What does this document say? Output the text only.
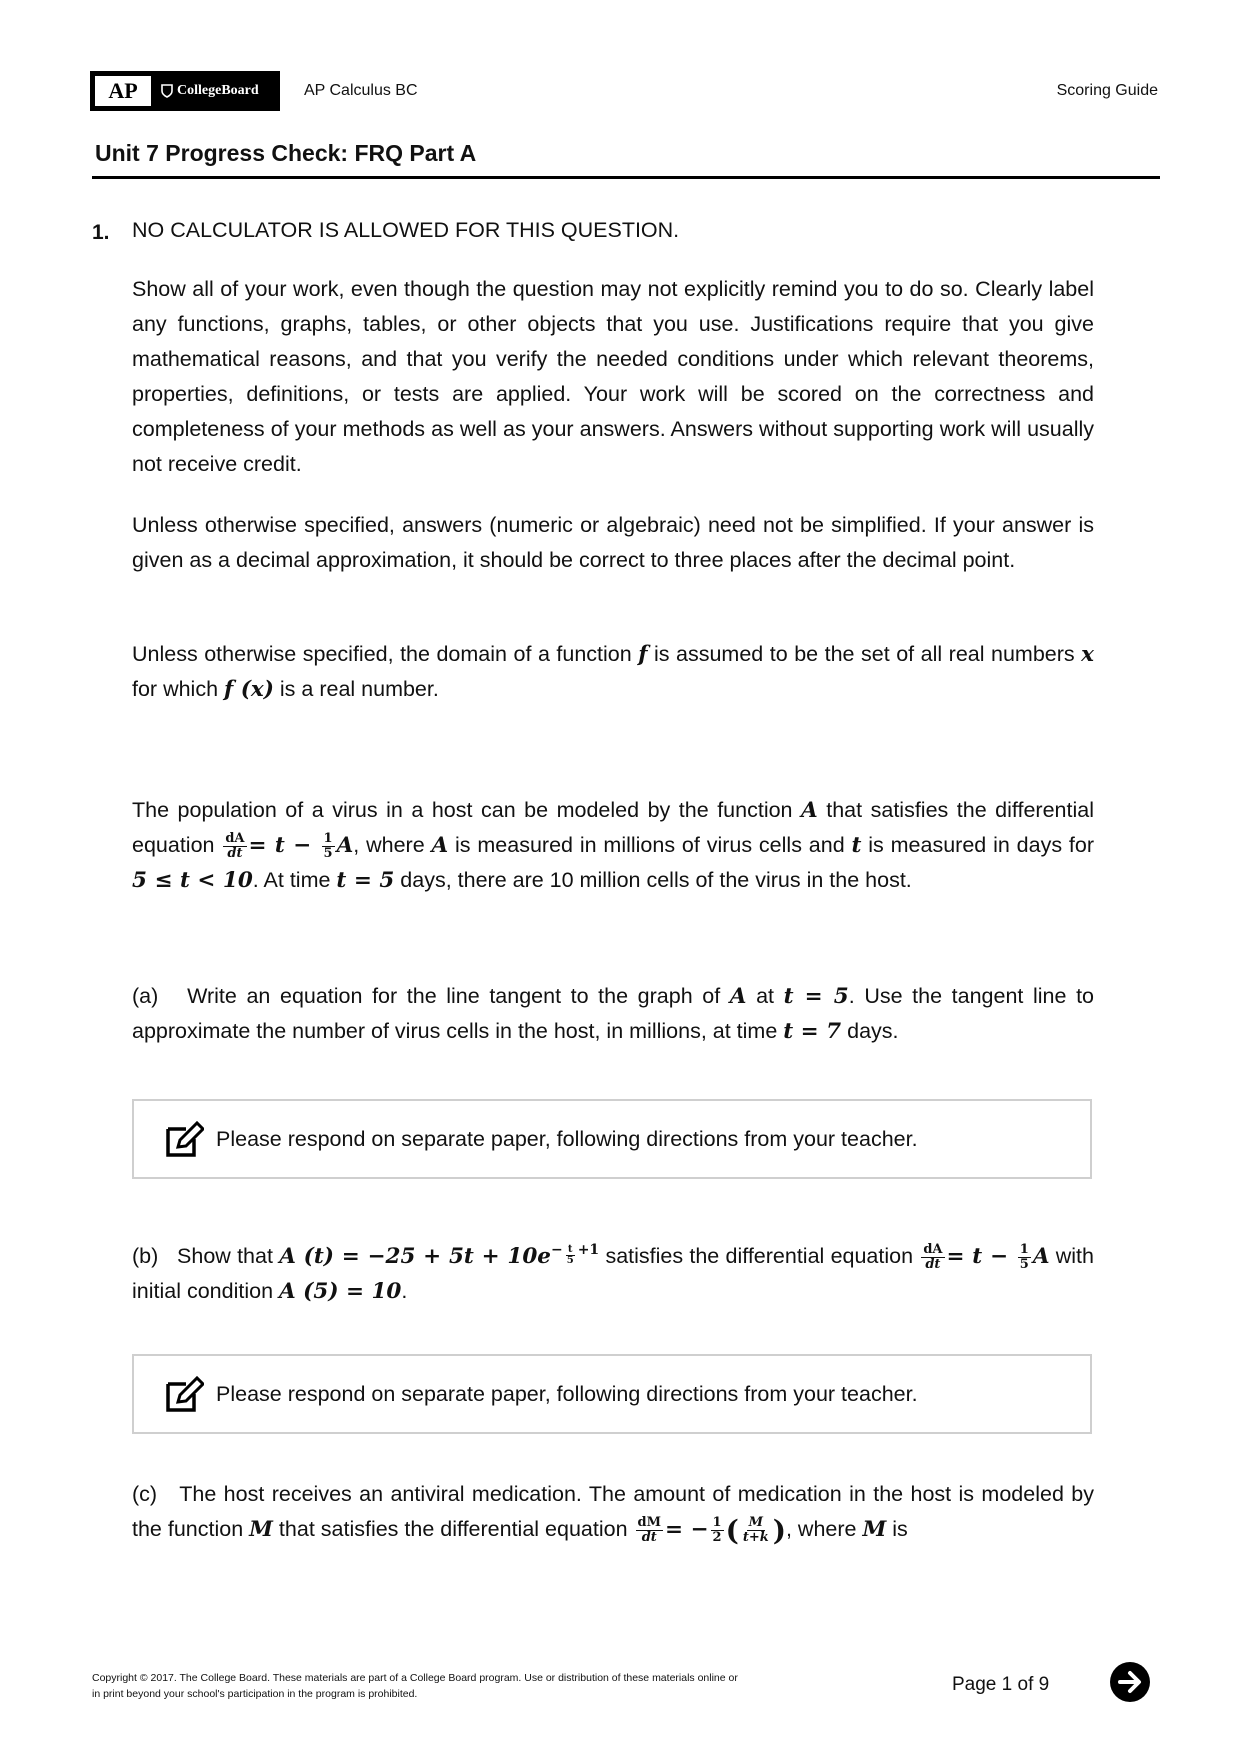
AP	CollegeBoard	AP Calculus BC	Scoring Guide
Unit 7 Progress Check: FRQ Part A
1. NO CALCULATOR IS ALLOWED FOR THIS QUESTION.
Show all of your work, even though the question may not explicitly remind you to do so. Clearly label any functions, graphs, tables, or other objects that you use. Justifications require that you give mathematical reasons, and that you verify the needed conditions under which relevant theorems, properties, definitions, or tests are applied. Your work will be scored on the correctness and completeness of your methods as well as your answers. Answers without supporting work will usually not receive credit.
Unless otherwise specified, answers (numeric or algebraic) need not be simplified. If your answer is given as a decimal approximation, it should be correct to three places after the decimal point.
Unless otherwise specified, the domain of a function f is assumed to be the set of all real numbers x for which f (x) is a real number.
The population of a virus in a host can be modeled by the function A that satisfies the differential equation $\frac{dA}{dt} = t - \frac{1}{5} A$, where A is measured in millions of virus cells and t is measured in days for 5 ≤ t < 10. At time t = 5 days, there are 10 million cells of the virus in the host.
(a) Write an equation for the line tangent to the graph of A at t = 5. Use the tangent line to approximate the number of virus cells in the host, in millions, at time t = 7 days.
Please respond on separate paper, following directions from your teacher.
(b) Show that A $(t) = -25 + 5t + 10e^{- \frac{t}{5} +1}$ satisfies the differential equation $\frac{dA}{dt} = t - \frac{1}{5}$ A with initial condition A (5) = 10.
Please respond on separate paper, following directions from your teacher.
(c) The host receives an antiviral medication. The amount of medication in the host is modeled by the function M that satisfies the differential equation $\frac{dM}{dt}$ = − $\frac{1}{2}$ ( $\frac{M}{t+k}$ ), where M is
Copyright © 2017. The College Board. These materials are part of a College Board program. Use or distribution of these materials online or
in print beyond your school's participation in the program is prohibited.	Page 1 of 9
